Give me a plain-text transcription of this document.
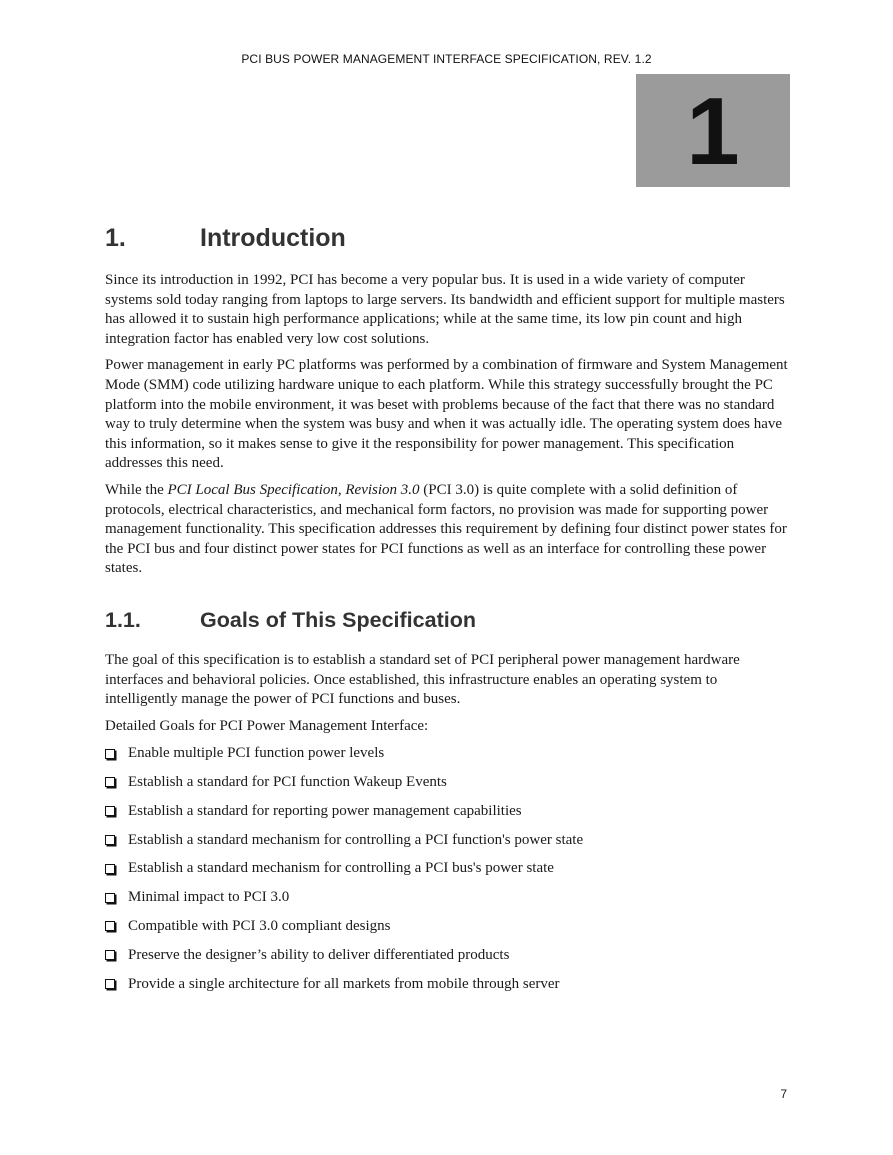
PCI BUS POWER MANAGEMENT INTERFACE SPECIFICATION, REV. 1.2
1
1.	Introduction

Since its introduction in 1992, PCI has become a very popular bus. It is used in a wide variety of computer systems sold today ranging from laptops to large servers. Its bandwidth and efficient support for multiple masters has allowed it to sustain high performance applications; while at the same time, its low pin count and high integration factor has enabled very low cost solutions.

Power management in early PC platforms was performed by a combination of firmware and System Management Mode (SMM) code utilizing hardware unique to each platform. While this strategy successfully brought the PC platform into the mobile environment, it was beset with problems because of the fact that there was no standard way to truly determine when the system was busy and when it was actually idle. The operating system does have this information, so it makes sense to give it the responsibility for power management. This specification addresses this need.

While the PCI Local Bus Specification, Revision 3.0 (PCI 3.0) is quite complete with a solid definition of protocols, electrical characteristics, and mechanical form factors, no provision was made for supporting power management functionality. This specification addresses this requirement by defining four distinct power states for the PCI bus and four distinct power states for PCI functions as well as an interface for controlling these power states.

1.1.	Goals of This Specification

The goal of this specification is to establish a standard set of PCI peripheral power management hardware interfaces and behavioral policies. Once established, this infrastructure enables an operating system to intelligently manage the power of PCI functions and buses.

Detailed Goals for PCI Power Management Interface:

Enable multiple PCI function power levels
Establish a standard for PCI function Wakeup Events
Establish a standard for reporting power management capabilities
Establish a standard mechanism for controlling a PCI function's power state
Establish a standard mechanism for controlling a PCI bus's power state
Minimal impact to PCI 3.0
Compatible with PCI 3.0 compliant designs
Preserve the designer’s ability to deliver differentiated products
Provide a single architecture for all markets from mobile through server
7
